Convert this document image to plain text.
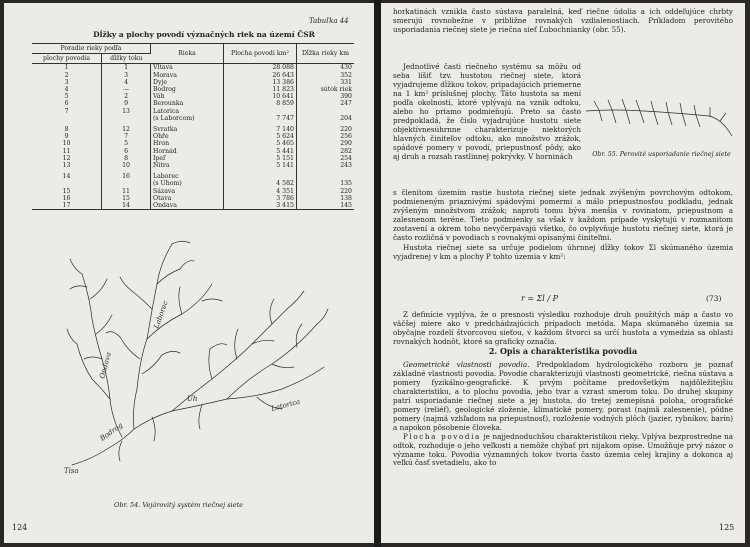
Tabuľka 44
Dĺžky a plochy povodí význačných riek na území ČSR
Poradie rieky podľa		Rieka	Plocha povodí km²	Dĺžka rieky km
plochy povodia	dĺžky toku			
1	1	Vltava	28 088	430
2	3	Morava	26 643	352
3	4	Dyje	13 386	331
4	—	Bodrog	11 823	sútok riek
5	2	Váh	10 641	390
6	9	Berounka	8 859	247
7	13	Latorica		
		(s Laborcom)	7 747	204

8	12	Svratka	7 140	220
9	7	Ohře	5 624	256
10	5	Hron	5 465	290
11	6	Hornád	5 441	282
12	8	Ipeľ	5 151	254
13	10	Nitra	5 141	243

14	16	Laborec		
		(s Uhom)	4 582	135
15	11	Sázava	4 351	220
16	15	Otava	3 786	138
17	14	Ondava	3 415	145
Laborec
Ondava
Uh
Bodrog
Latorica
Tisa
Obr. 54. Vejárovitý systém riečnej siete
124

horkatinách vznikla často sústava paralelná, keď riečne údolia a ich oddeľujúce chrbty smerujú rovnobežne v približne rovnakých vzdialenostiach. Príkladom perovitého usporiadania riečnej siete je riečna sieť Ľubochnianky (obr. 55).

Jednotlivé časti riečneho systému sa môžu od seba líšiť tzv. hustotou riečnej siete, ktorá vyjadrujeme dĺžkou tokov, pripadajúcich priemerne na 1 km² príslušnej plochy. Táto hustota sa mení podľa okolností, ktoré vplývajú na vznik odtoku, alebo ho priamo podmieňujú. Preto sa často predpokladá, že číslo vyjadrujúce hustotu siete objektívnesúhrnne charakterizuje niektorých hlavných činiteľov odtoku, ako množstvo zrážok, spádové pomery v povodí, priepustnosť pôdy, ako aj druh a rozsah rastlinnej pokrývky. V horninách	Obr. 55. Perovité usporiadanie riečnej siete

s členitom územím rastie hustota riečnej siete jednak zvýšeným povrchovým odtokom, podmieneným priaznivými spádovými pomermi a málo priepustnosťou podkladu, jednak zvýšeným množstvom zrážok; naproti tomu býva menšia v rovinatom, priepustnom a zalesnenom teréne. Tieto podmienky sa však v každom prípade vyskytujú v rozmanitom zostavení a okrem toho nevyčerpávajú všetko, čo ovplyvňuje hustotu riečnej siete, ktorá je často rozličná v povodiach s rovnakými opísanými činiteľmi.

Hustota riečnej siete sa určuje podielom úhrnnej dĺžky tokov Σl skúmaného územia vyjadrenej v km a plochy P tohto územia v km²:

r = Σl / P	(73)

Z definície vyplýva, že o presnosti výsledku rozhoduje druh použitých máp a často vo väčšej miere ako v predchádzajúcich prípadoch metóda. Mapa skúmaného územia sa obyčajne rozdelí štvorcovou sieťou, v každom štvorci sa určí hustota a vymedzia sa oblasti rovnakých hodnôt, ktoré sa graficky označia.

2. Opis a charakteristika povodia

Geometrické vlastnosti povodia. Predpokladom hydrologického rozboru je poznať základné vlastnosti povodia. Povodie charakterizujú vlastnosti geometrické, riečna sústava a pomery fyzikálno-geografické. K prvým počítame predovšetkým najdôležitejšiu charakteristiku, a to plochu povodia, jeho tvar a vzrast smerom toku. Do druhej skupiny patrí usporiadanie riečnej siete a jej hustota, do tretej zemepisná poloha, orografické pomery (reliéf), geologické zloženie, klimatické pomery, porast (najmä zalesnenie), pôdne pomery (najmä vzhľadom na priepustnosť), rozloženie vodných plôch (jazier, rybníkov, barín) a napokon pôsobenie človeka.

Plocha povodia je najjednoduchšou charakteristikou rieky. Vplýva bezprostredne na odtok, rozhoduje o jeho veľkosti a nemôže chýbať pri nijakom opise. Umožňuje prvý názor o význame toku. Povodia významných tokov tvoria často územia celej krajiny a dokonca aj veľkú časť svetadielu, ako to

125
